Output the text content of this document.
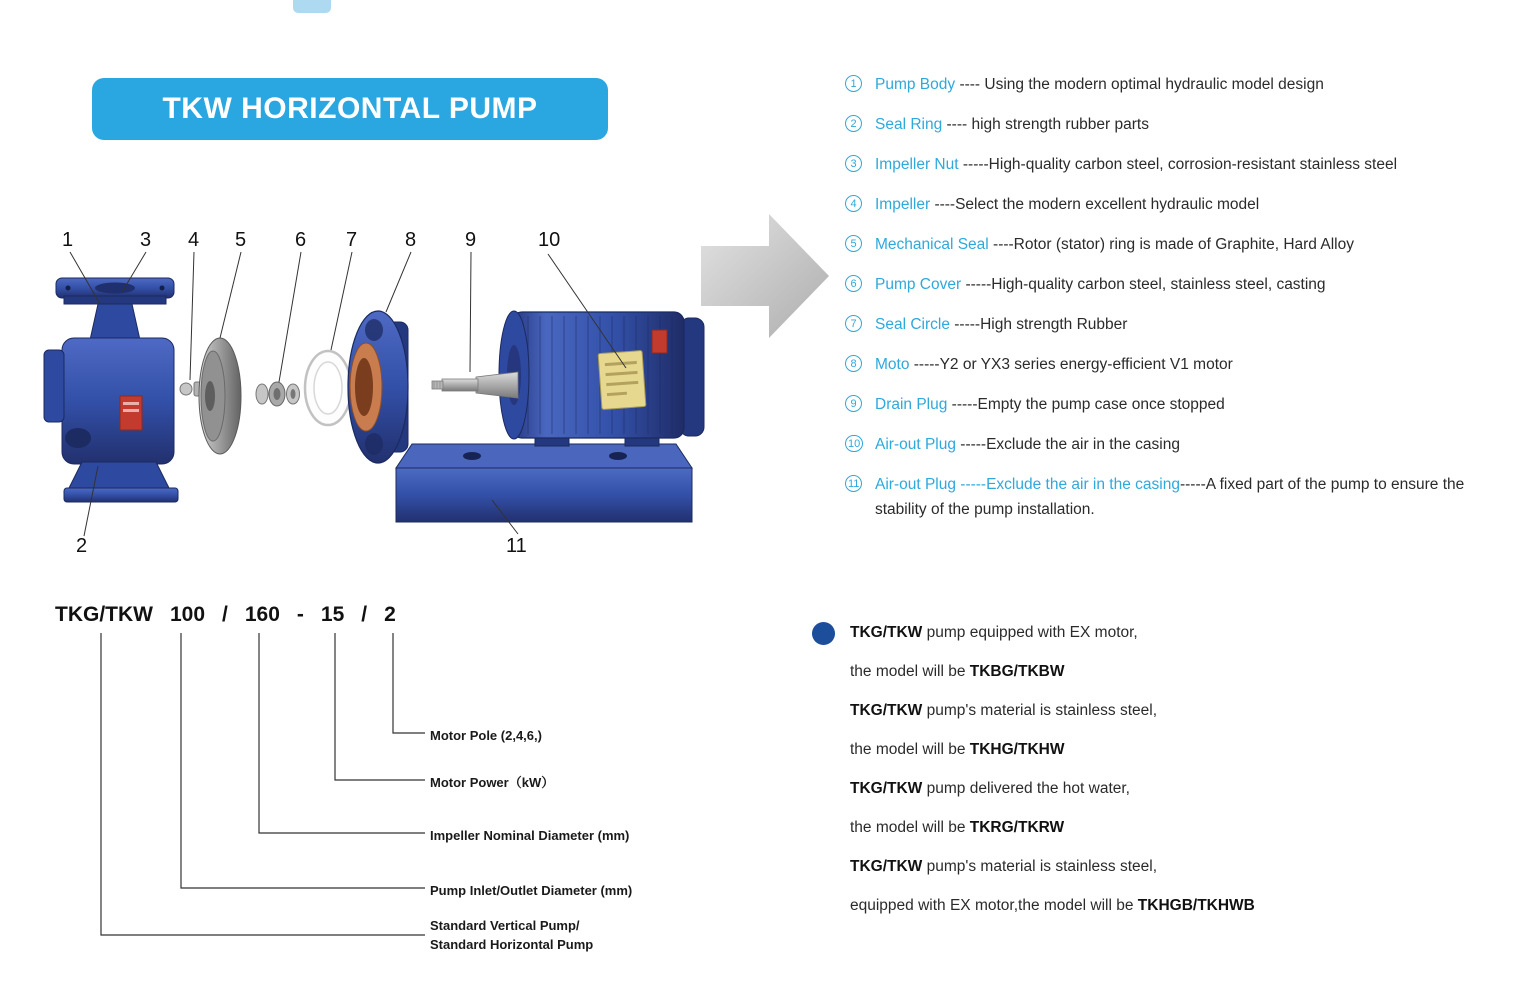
TKW HORIZONTAL PUMP
1	3 4 5 6 7 8 9	10
2	11
1	Pump Body ---- Using the modern optimal hydraulic model design
2	Seal Ring ---- high strength rubber parts
3	Impeller Nut -----High-quality carbon steel, corrosion-resistant stainless steel
4	Impeller ----Select the modern excellent hydraulic model
5	Mechanical Seal ----Rotor (stator) ring is made of Graphite, Hard Alloy
6	Pump Cover -----High-quality carbon steel, stainless steel, casting
7	Seal Circle -----High strength Rubber
8	Moto -----Y2 or YX3 series energy-efficient V1 motor
9	Drain Plug -----Empty the pump case once stopped
10 Air-out Plug -----Exclude the air in the casing
11 Air-out Plug -----Exclude the air in the casing-----A fixed part of the pump to ensure the stability of the pump installation.
TKG/TKW 100 / 160 - 15 / 2
Motor Pole (2,4,6,)
Motor Power（kW）
Impeller Nominal Diameter (mm)
Pump Inlet/Outlet Diameter (mm)
Standard Vertical Pump/
Standard Horizontal Pump
TKG/TKW pump equipped with EX motor,
the model will be TKBG/TKBW
TKG/TKW pump's material is stainless steel,
the model will be TKHG/TKHW
TKG/TKW pump delivered the hot water,
the model will be TKRG/TKRW
TKG/TKW pump's material is stainless steel,
equipped with EX motor,the model will be TKHGB/TKHWB
